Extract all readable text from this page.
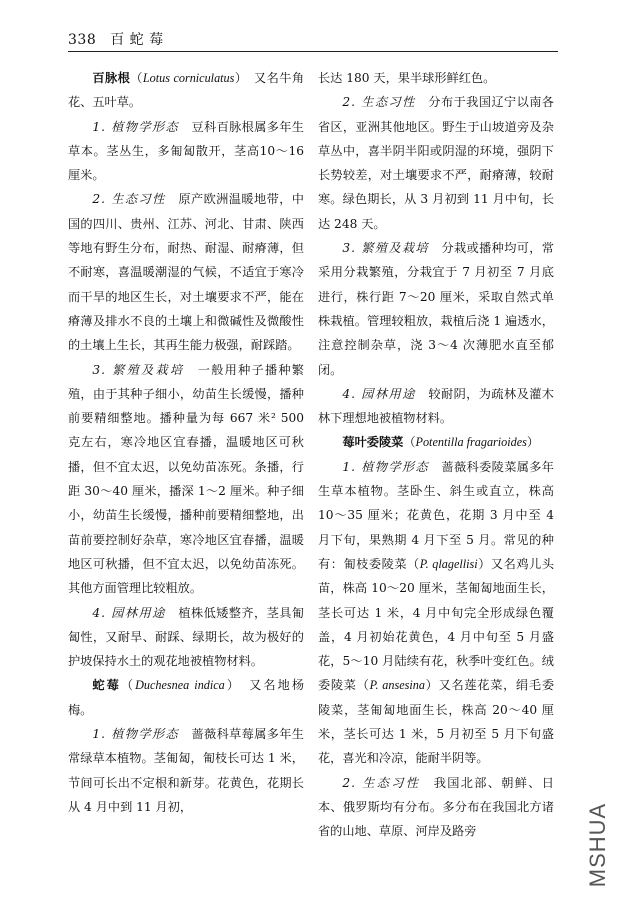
338 百 蛇 莓

百脉根（Lotus corniculatus）　又名牛角花、五叶草。

1. 植物学形态　豆科百脉根属多年生草本。茎丛生，多匍匐散开，茎高10～16 厘米。

2. 生态习性　原产欧洲温暖地带，中国的四川、贵州、江苏、河北、甘肃、陕西等地有野生分布，耐热、耐湿、耐瘠薄，但不耐寒，喜温暖潮湿的气候，不适宜于寒冷而干旱的地区生长，对土壤要求不严，能在瘠薄及排水不良的土壤上和微碱性及微酸性的土壤上生长，其再生能力极强，耐踩踏。

3. 繁殖及栽培　一般用种子播种繁殖，由于其种子细小，幼苗生长缓慢，播种前要精细整地。播种量为每 667 米² 500 克左右，寒冷地区宜春播，温暖地区可秋播，但不宜太迟，以免幼苗冻死。条播，行距 30～40 厘米，播深 1～2 厘米。种子细小，幼苗生长缓慢，播种前要精细整地，出苗前要控制好杂草，寒冷地区宜春播，温暖地区可秋播，但不宜太迟，以免幼苗冻死。其他方面管理比较粗放。

4. 园林用途　植株低矮整齐，茎具匍匐性，又耐旱、耐踩、绿期长，故为极好的护坡保持水土的观花地被植物材料。

蛇莓（Duchesnea indica）　又名地杨梅。

1. 植物学形态　蔷薇科草莓属多年生常绿草本植物。茎匍匐，匍枝长可达 1 米，节间可长出不定根和新芽。花黄色，花期长从 4 月中到 11 月初，

长达 180 天，果半球形鲜红色。

2. 生态习性　分布于我国辽宁以南各省区，亚洲其他地区。野生于山坡道旁及杂草丛中，喜半阴半阳或阴湿的环境，强阴下长势较差，对土壤要求不严，耐瘠薄，较耐寒。绿色期长，从 3 月初到 11 月中旬，长达 248 天。

3. 繁殖及栽培　分栽或播种均可，常采用分栽繁殖，分栽宜于 7 月初至 7 月底进行，株行距 7～20 厘米，采取自然式单株栽植。管理较粗放，栽植后浇 1 遍透水，注意控制杂草，浇 3～4 次薄肥水直至郁闭。

4. 园林用途　较耐阴，为疏林及灌木林下理想地被植物材料。

莓叶委陵菜（Potentilla fragarioides）

1. 植物学形态　蔷薇科委陵菜属多年生草本植物。茎卧生、斜生或直立，株高 10～35 厘米；花黄色，花期 3 月中至 4 月下旬，果熟期 4 月下至 5 月。常见的种有：匍枝委陵菜（P. qlagellisi）又名鸡儿头苗，株高 10～20 厘米，茎匍匐地面生长，茎长可达 1 米，4 月中旬完全形成绿色覆盖，4 月初始花黄色，4 月中旬至 5 月盛花，5～10 月陆续有花，秋季叶变红色。绒委陵菜（P. ansesina）又名莲花菜，绢毛委陵菜，茎匍匐地面生长，株高 20～40 厘米，茎长可达 1 米，5 月初至 5 月下旬盛花，喜光和冷凉，能耐半阴等。

2. 生态习性　我国北部、朝鲜、日本、俄罗斯均有分布。多分布在我国北方诸省的山地、草原、河岸及路旁	MSHUA
